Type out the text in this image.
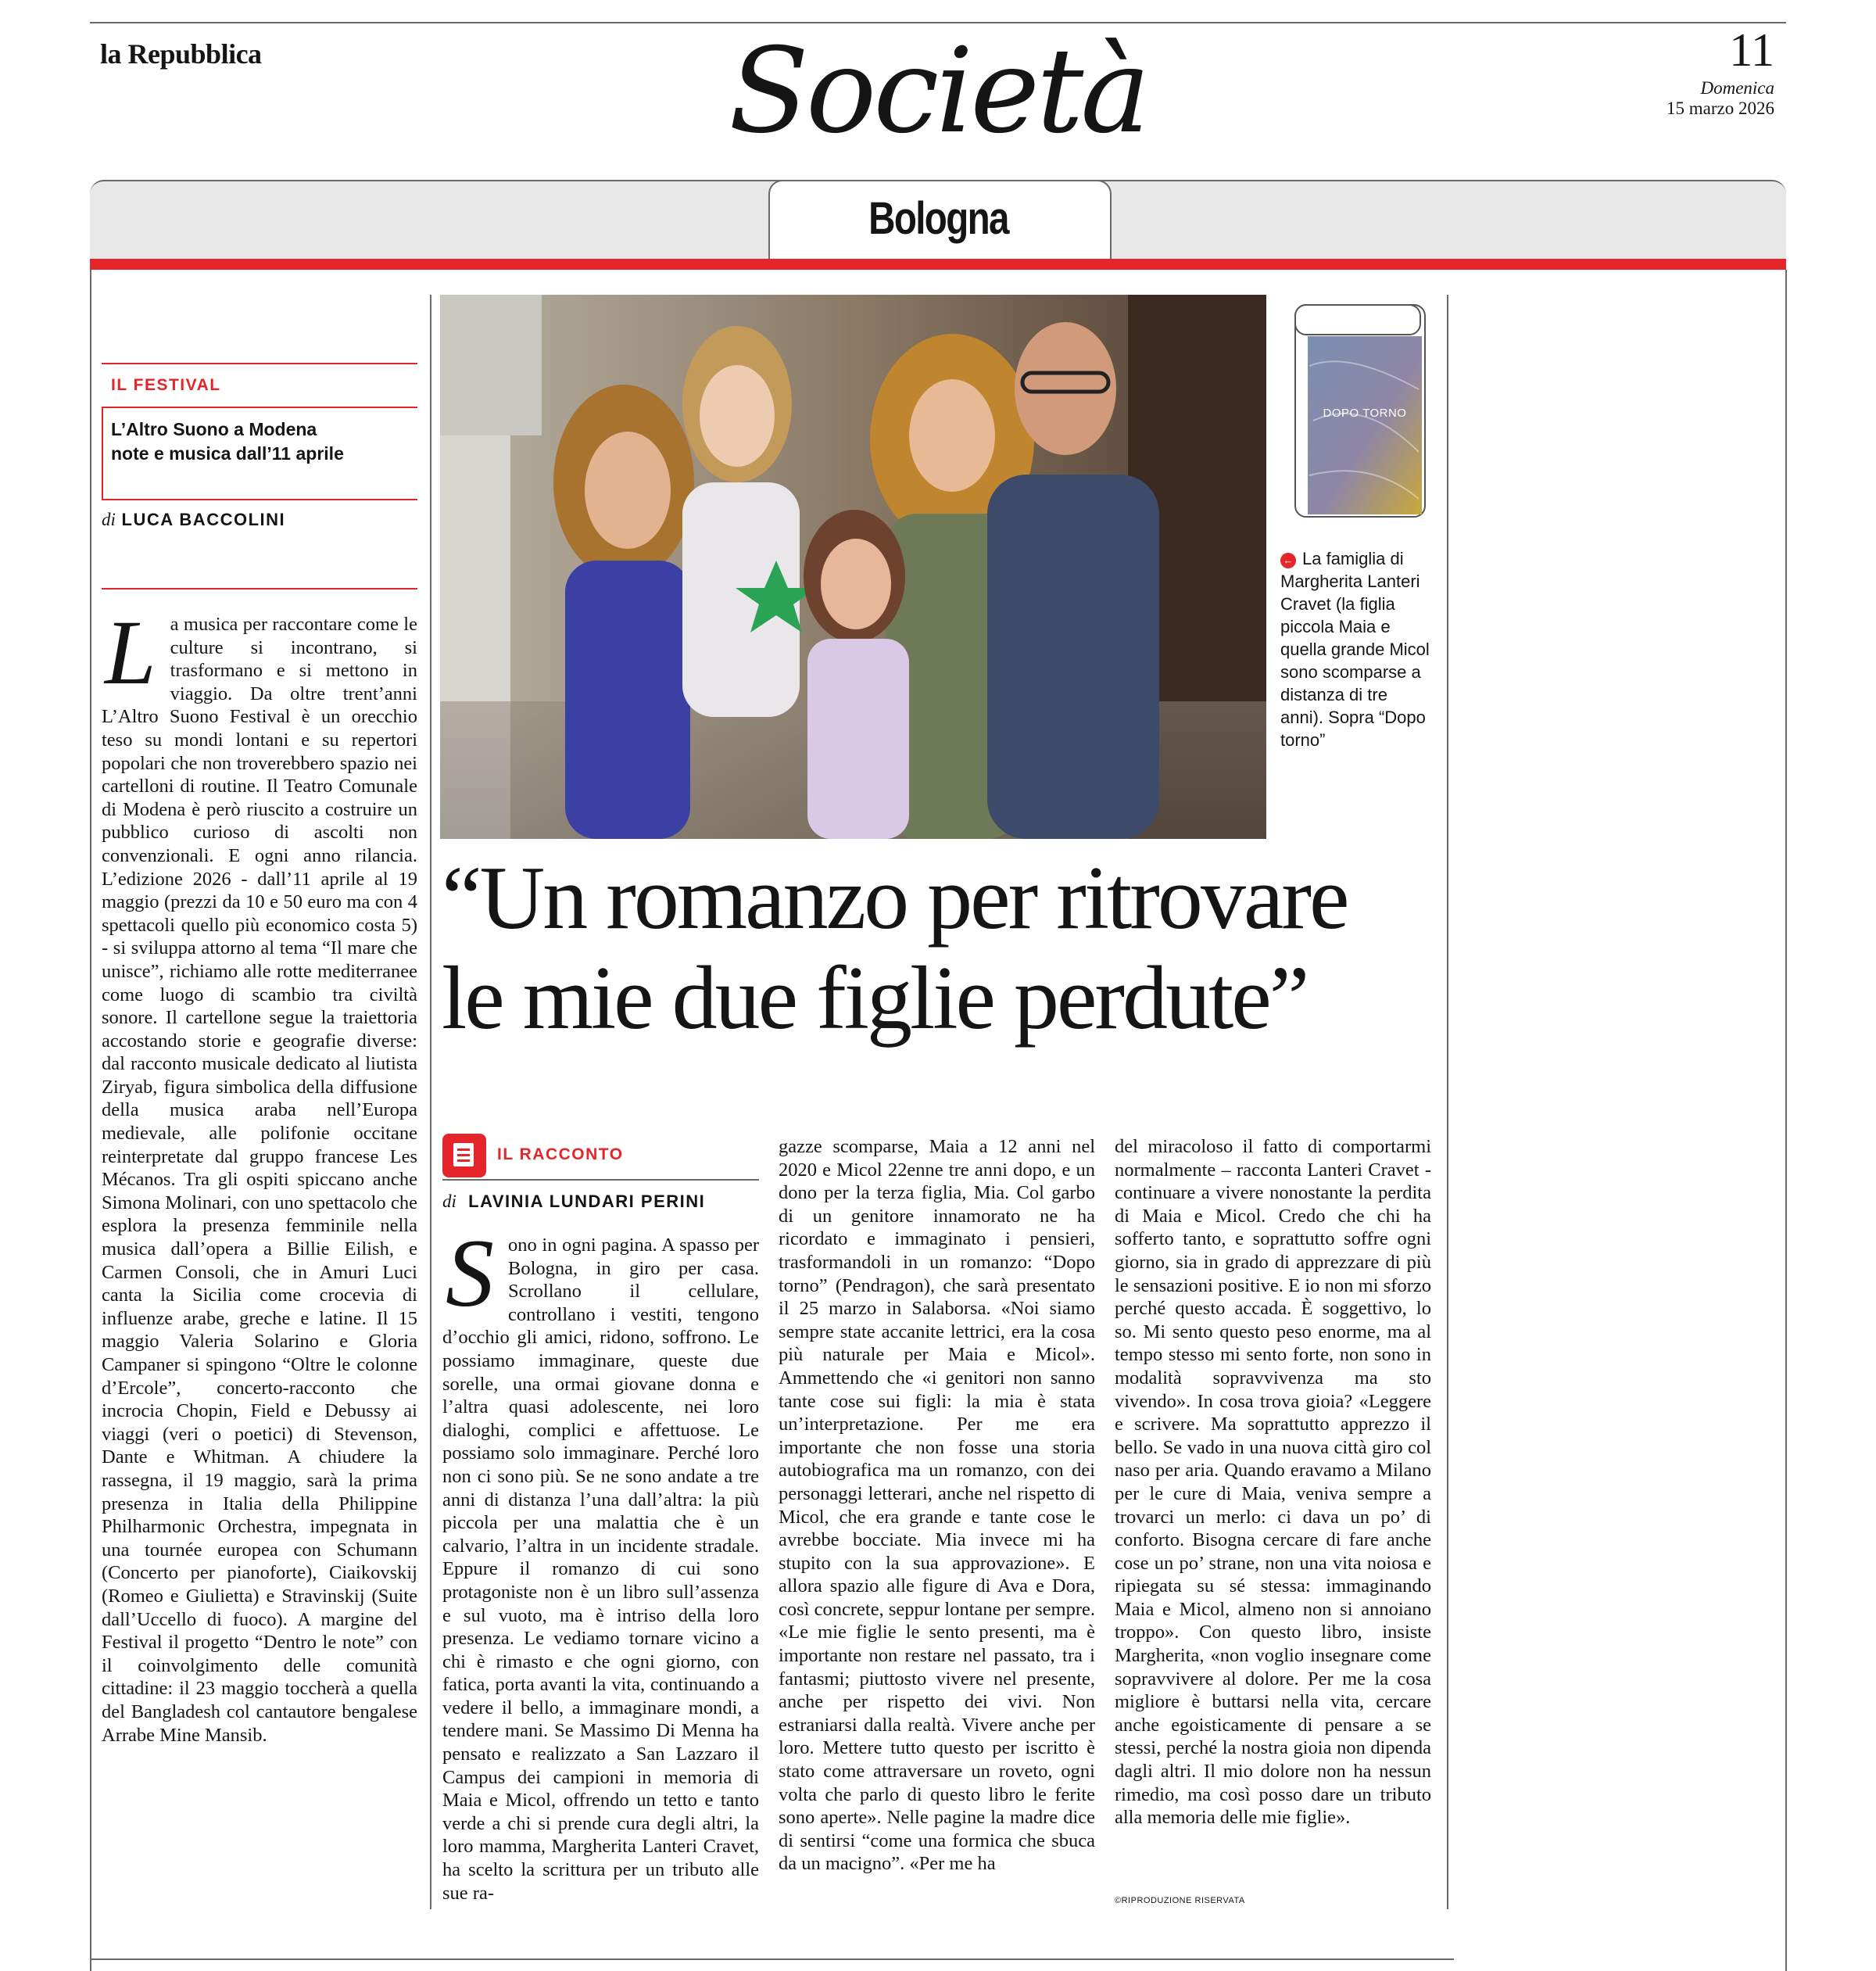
la Repubblica	Società	11
Domenica
15 marzo 2026
Bologna
IL FESTIVAL
L’Altro Suono a Modena
note e musica dall’11 aprile
di LUCA BACCOLINI
La musica per raccontare come le culture si incontrano, si trasformano e si mettono in viaggio. Da oltre trent’anni L’Altro Suono Festival è un orecchio teso su mondi lontani e su repertori popolari che non troverebbero spazio nei cartelloni di routine. Il Teatro Comunale di Modena è però riuscito a costruire un pubblico curioso di ascolti non convenzionali. E ogni anno rilancia. L’edizione 2026 - dall’11 aprile al 19 maggio (prezzi da 10 e 50 euro ma con 4 spettacoli quello più economico costa 5) - si sviluppa attorno al tema “Il mare che unisce”, richiamo alle rotte mediterranee come luogo di scambio tra civiltà sonore. Il cartellone segue la traiettoria accostando storie e geografie diverse: dal racconto musicale dedicato al liutista Ziryab, figura simbolica della diffusione della musica araba nell’Europa medievale, alle polifonie occitane reinterpretate dal gruppo francese Les Mécanos. Tra gli ospiti spiccano anche Simona Molinari, con uno spettacolo che esplora la presenza femminile nella musica dall’opera a Billie Eilish, e Carmen Consoli, che in Amuri Luci canta la Sicilia come crocevia di influenze arabe, greche e latine. Il 15 maggio Valeria Solarino e Gloria Campaner si spingono “Oltre le colonne d’Ercole”, concerto-racconto che incrocia Chopin, Field e Debussy ai viaggi (veri o poetici) di Stevenson, Dante e Whitman. A chiudere la rassegna, il 19 maggio, sarà la prima presenza in Italia della Philippine Philharmonic Orchestra, impegnata in una tournée europea con Schumann (Concerto per pianoforte), Ciaikovskij (Romeo e Giulietta) e Stravinskij (Suite dall’Uccello di fuoco). A margine del Festival il progetto “Dentro le note” con il coinvolgimento delle comunità cittadine: il 23 maggio toccherà a quella del Bangladesh col cantautore bengalese Arrabe Mine Mansib.
DOPO TORNO
← La famiglia di Margherita Lanteri Cravet (la figlia piccola Maia e quella grande Micol sono scomparse a distanza di tre anni). Sopra “Dopo torno”
“Un romanzo per ritrovare
le mie due figlie perdute”
IL RACCONTO
di LAVINIA LUNDARI PERINI
Sono in ogni pagina. A spasso per Bologna, in giro per casa. Scrollano il cellulare, controllano i vestiti, tengono d’occhio gli amici, ridono, soffrono. Le possiamo immaginare, queste due sorelle, una ormai giovane donna e l’altra quasi adolescente, nei loro dialoghi, complici e affettuose. Le possiamo solo immaginare. Perché loro non ci sono più. Se ne sono andate a tre anni di distanza l’una dall’altra: la più piccola per una malattia che è un calvario, l’altra in un incidente stradale. Eppure il romanzo di cui sono protagoniste non è un libro sull’assenza e sul vuoto, ma è intriso della loro presenza. Le vediamo tornare vicino a chi è rimasto e che ogni giorno, con fatica, porta avanti la vita, continuando a vedere il bello, a immaginare mondi, a tendere mani. Se Massimo Di Menna ha pensato e realizzato a San Lazzaro il Campus dei campioni in memoria di Maia e Micol, offrendo un tetto e tanto verde a chi si prende cura degli altri, la loro mamma, Margherita Lanteri Cravet, ha scelto la scrittura per un tributo alle sue ra-
gazze scomparse, Maia a 12 anni nel 2020 e Micol 22enne tre anni dopo, e un dono per la terza figlia, Mia. Col garbo di un genitore innamorato ne ha ricordato e immaginato i pensieri, trasformandoli in un romanzo: “Dopo torno” (Pendragon), che sarà presentato il 25 marzo in Salaborsa. «Noi siamo sempre state accanite lettrici, era la cosa più naturale per Maia e Micol». Ammettendo che «i genitori non sanno tante cose sui figli: la mia è stata un’interpretazione. Per me era importante che non fosse una storia autobiografica ma un romanzo, con dei personaggi letterari, anche nel rispetto di Micol, che era grande e tante cose le avrebbe bocciate. Mia invece mi ha stupito con la sua approvazione». E allora spazio alle figure di Ava e Dora, così concrete, seppur lontane per sempre. «Le mie figlie le sento presenti, ma è importante non restare nel passato, tra i fantasmi; piuttosto vivere nel presente, anche per rispetto dei vivi. Non estraniarsi dalla realtà. Vivere anche per loro. Mettere tutto questo per iscritto è stato come attraversare un roveto, ogni volta che parlo di questo libro le ferite sono aperte». Nelle pagine la madre dice di sentirsi “come una formica che sbuca da un macigno”. «Per me ha
del miracoloso il fatto di comportarmi normalmente – racconta Lanteri Cravet - continuare a vivere nonostante la perdita di Maia e Micol. Credo che chi ha sofferto tanto, e soprattutto soffre ogni giorno, sia in grado di apprezzare di più le sensazioni positive. E io non mi sforzo perché questo accada. È soggettivo, lo so. Mi sento questo peso enorme, ma al tempo stesso mi sento forte, non sono in modalità sopravvivenza ma sto vivendo». In cosa trova gioia? «Leggere e scrivere. Ma soprattutto apprezzo il bello. Se vado in una nuova città giro col naso per aria. Quando eravamo a Milano per le cure di Maia, veniva sempre a trovarci un merlo: ci dava un po’ di conforto. Bisogna cercare di fare anche cose un po’ strane, non una vita noiosa e ripiegata su sé stessa: immaginando Maia e Micol, almeno non si annoiano troppo». Con questo libro, insiste Margherita, «non voglio insegnare come sopravvivere al dolore. Per me la cosa migliore è buttarsi nella vita, cercare anche egoisticamente di pensare a se stessi, perché la nostra gioia non dipenda dagli altri. Il mio dolore non ha nessun rimedio, ma così posso dare un tributo alla memoria delle mie figlie».
©RIPRODUZIONE RISERVATA
